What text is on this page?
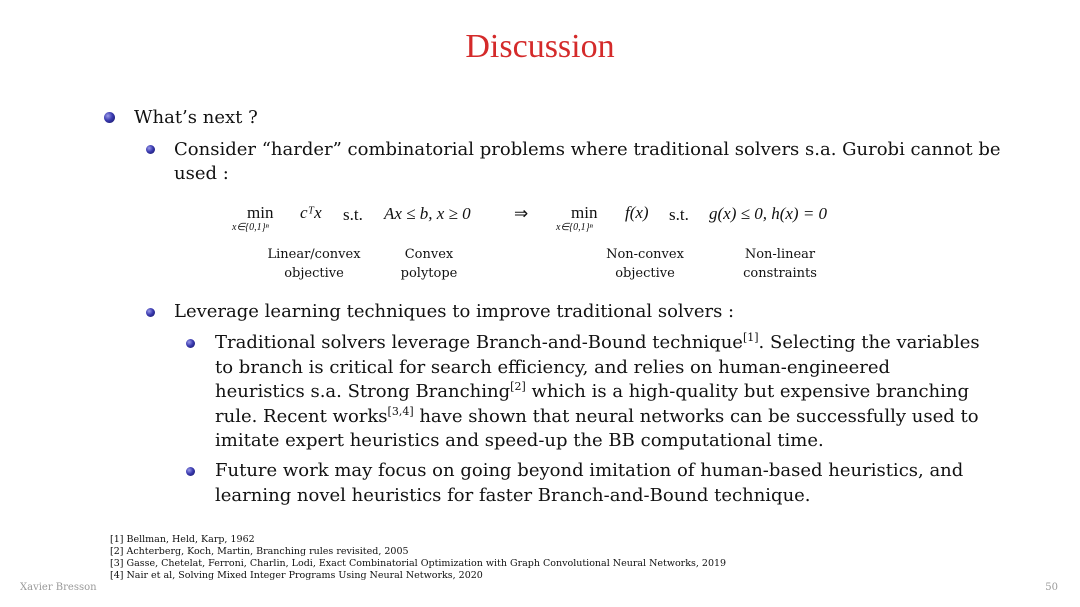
Discussion
What’s next ?
Consider “harder” combinatorial problems where traditional solvers s.a. Gurobi cannot be
used :
min
x∈{0,1}ⁿ
cᵀx s.t. Ax ≤ b, x ≥ 0	⇒	min
x∈{0,1}ⁿ
f(x) s.t. g(x) ≤ 0, h(x) = 0
Linear/convex
objective
Convex
polytope
Non-convex
objective
Non-linear
constraints
Leverage learning techniques to improve traditional solvers :
Traditional solvers leverage Branch-and-Bound technique[1]. Selecting the variables to branch is critical for search efficiency, and relies on human-engineered heuristics s.a. Strong Branching[2] which is a high-quality but expensive branching rule. Recent works[3,4] have shown that neural networks can be successfully used to imitate expert heuristics and speed-up the BB computational time.
Future work may focus on going beyond imitation of human-based heuristics, and learning novel heuristics for faster Branch-and-Bound technique.
[1] Bellman, Held, Karp, 1962
[2] Achterberg, Koch, Martin, Branching rules revisited, 2005
[3] Gasse, Chetelat, Ferroni, Charlin, Lodi, Exact Combinatorial Optimization with Graph Convolutional Neural Networks, 2019
[4] Nair et al, Solving Mixed Integer Programs Using Neural Networks, 2020
Xavier Bresson	50
